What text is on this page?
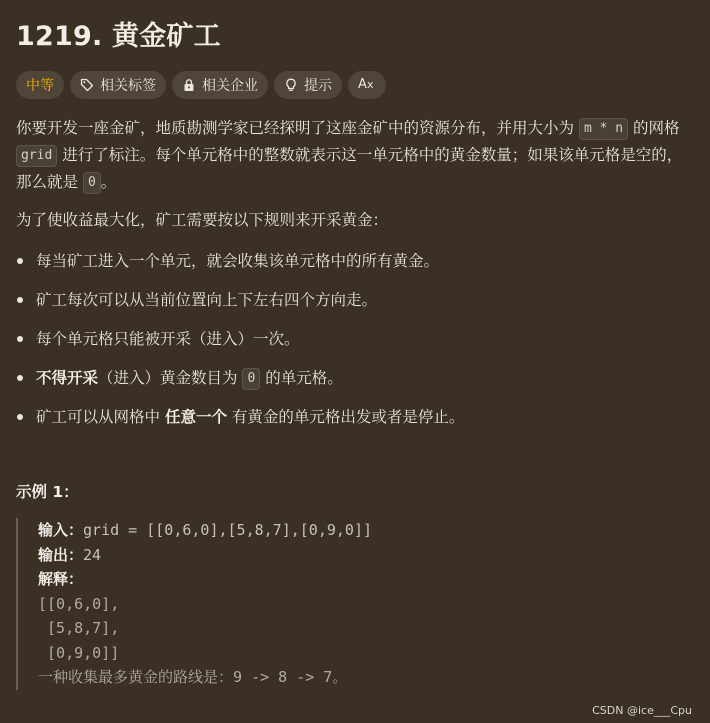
1219. 黄金矿工
中等	相关标签	相关企业	提示 A x
你要开发一座金矿，地质勘测学家已经探明了这座金矿中的资源分布，并用大小为 m * n 的网格 grid 进行了标注。每个单元格中的整数就表示这一单元格中的黄金数量；如果该单元格是空的，那么就是 0 。
为了使收益最大化，矿工需要按以下规则来开采黄金：
每当矿工进入一个单元，就会收集该单元格中的所有黄金。
矿工每次可以从当前位置向上下左右四个方向走。
每个单元格只能被开采（进入）一次。
不得开采（进入）黄金数目为 0 的单元格。
矿工可以从网格中 任意一个 有黄金的单元格出发或者是停止。
示例 1：
输入：grid = [[0,6,0],[5,8,7],[0,9,0]]
输出：24
解释：
[[0,6,0],
[5,8,7],
[0,9,0]]
一种收集最多黄金的路线是：9 -> 8 -> 7。
CSDN @ice___Cpu
